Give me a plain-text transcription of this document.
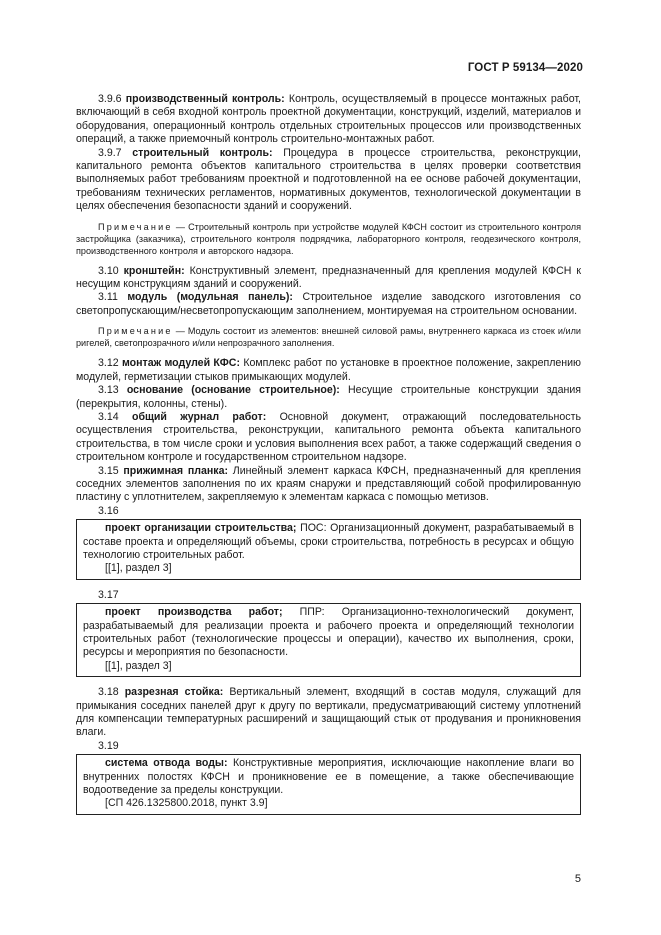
ГОСТ Р 59134—2020

3.9.6 производственный контроль: Контроль, осуществляемый в процессе монтажных работ, включающий в себя входной контроль проектной документации, конструкций, изделий, материалов и оборудования, операционный контроль отдельных строительных процессов или производственных операций, а также приемочный контроль строительно-монтажных работ.

3.9.7 строительный контроль: Процедура в процессе строительства, реконструкции, капитального ремонта объектов капитального строительства в целях проверки соответствия выполняемых работ требованиям проектной и подготовленной на ее основе рабочей документации, требованиям технических регламентов, нормативных документов, технологической документации в целях обеспечения безопасности зданий и сооружений.

Примечание — Строительный контроль при устройстве модулей КФСН состоит из строительного контроля застройщика (заказчика), строительного контроля подрядчика, лабораторного контроля, геодезического контроля, производственного контроля и авторского надзора.

3.10 кронштейн: Конструктивный элемент, предназначенный для крепления модулей КФСН к несущим конструкциям зданий и сооружений.

3.11 модуль (модульная панель): Строительное изделие заводского изготовления со светопропускающим/несветопропускающим заполнением, монтируемая на строительном основании.

Примечание — Модуль состоит из элементов: внешней силовой рамы, внутреннего каркаса из стоек и/или ригелей, светопрозрачного и/или непрозрачного заполнения.

3.12 монтаж модулей КФС: Комплекс работ по установке в проектное положение, закреплению модулей, герметизации стыков примыкающих модулей.

3.13 основание (основание строительное): Несущие строительные конструкции здания (перекрытия, колонны, стены).

3.14 общий журнал работ: Основной документ, отражающий последовательность осуществления строительства, реконструкции, капитального ремонта объекта капитального строительства, в том числе сроки и условия выполнения всех работ, а также содержащий сведения о строительном контроле и государственном строительном надзоре.

3.15 прижимная планка: Линейный элемент каркаса КФСН, предназначенный для крепления соседних элементов заполнения по их краям снаружи и представляющий собой профилированную пластину с уплотнителем, закрепляемую к элементам каркаса с помощью метизов.

3.16

проект организации строительства; ПОС: Организационный документ, разрабатываемый в составе проекта и определяющий объемы, сроки строительства, потребность в ресурсах и общую технологию строительных работ.

[[1], раздел 3]

3.17

проект производства работ; ППР: Организационно-технологический документ, разрабатываемый для реализации проекта и рабочего проекта и определяющий технологии строительных работ (технологические процессы и операции), качество их выполнения, сроки, ресурсы и мероприятия по безопасности.

[[1], раздел 3]

3.18 разрезная стойка: Вертикальный элемент, входящий в состав модуля, служащий для примыкания соседних панелей друг к другу по вертикали, предусматривающий систему уплотнений для компенсации температурных расширений и защищающий стык от продувания и проникновения влаги.

3.19

система отвода воды: Конструктивные мероприятия, исключающие накопление влаги во внутренних полостях КФСН и проникновение ее в помещение, а также обеспечивающие водоотведение за пределы конструкции.

[СП 426.1325800.2018, пункт 3.9]

5
